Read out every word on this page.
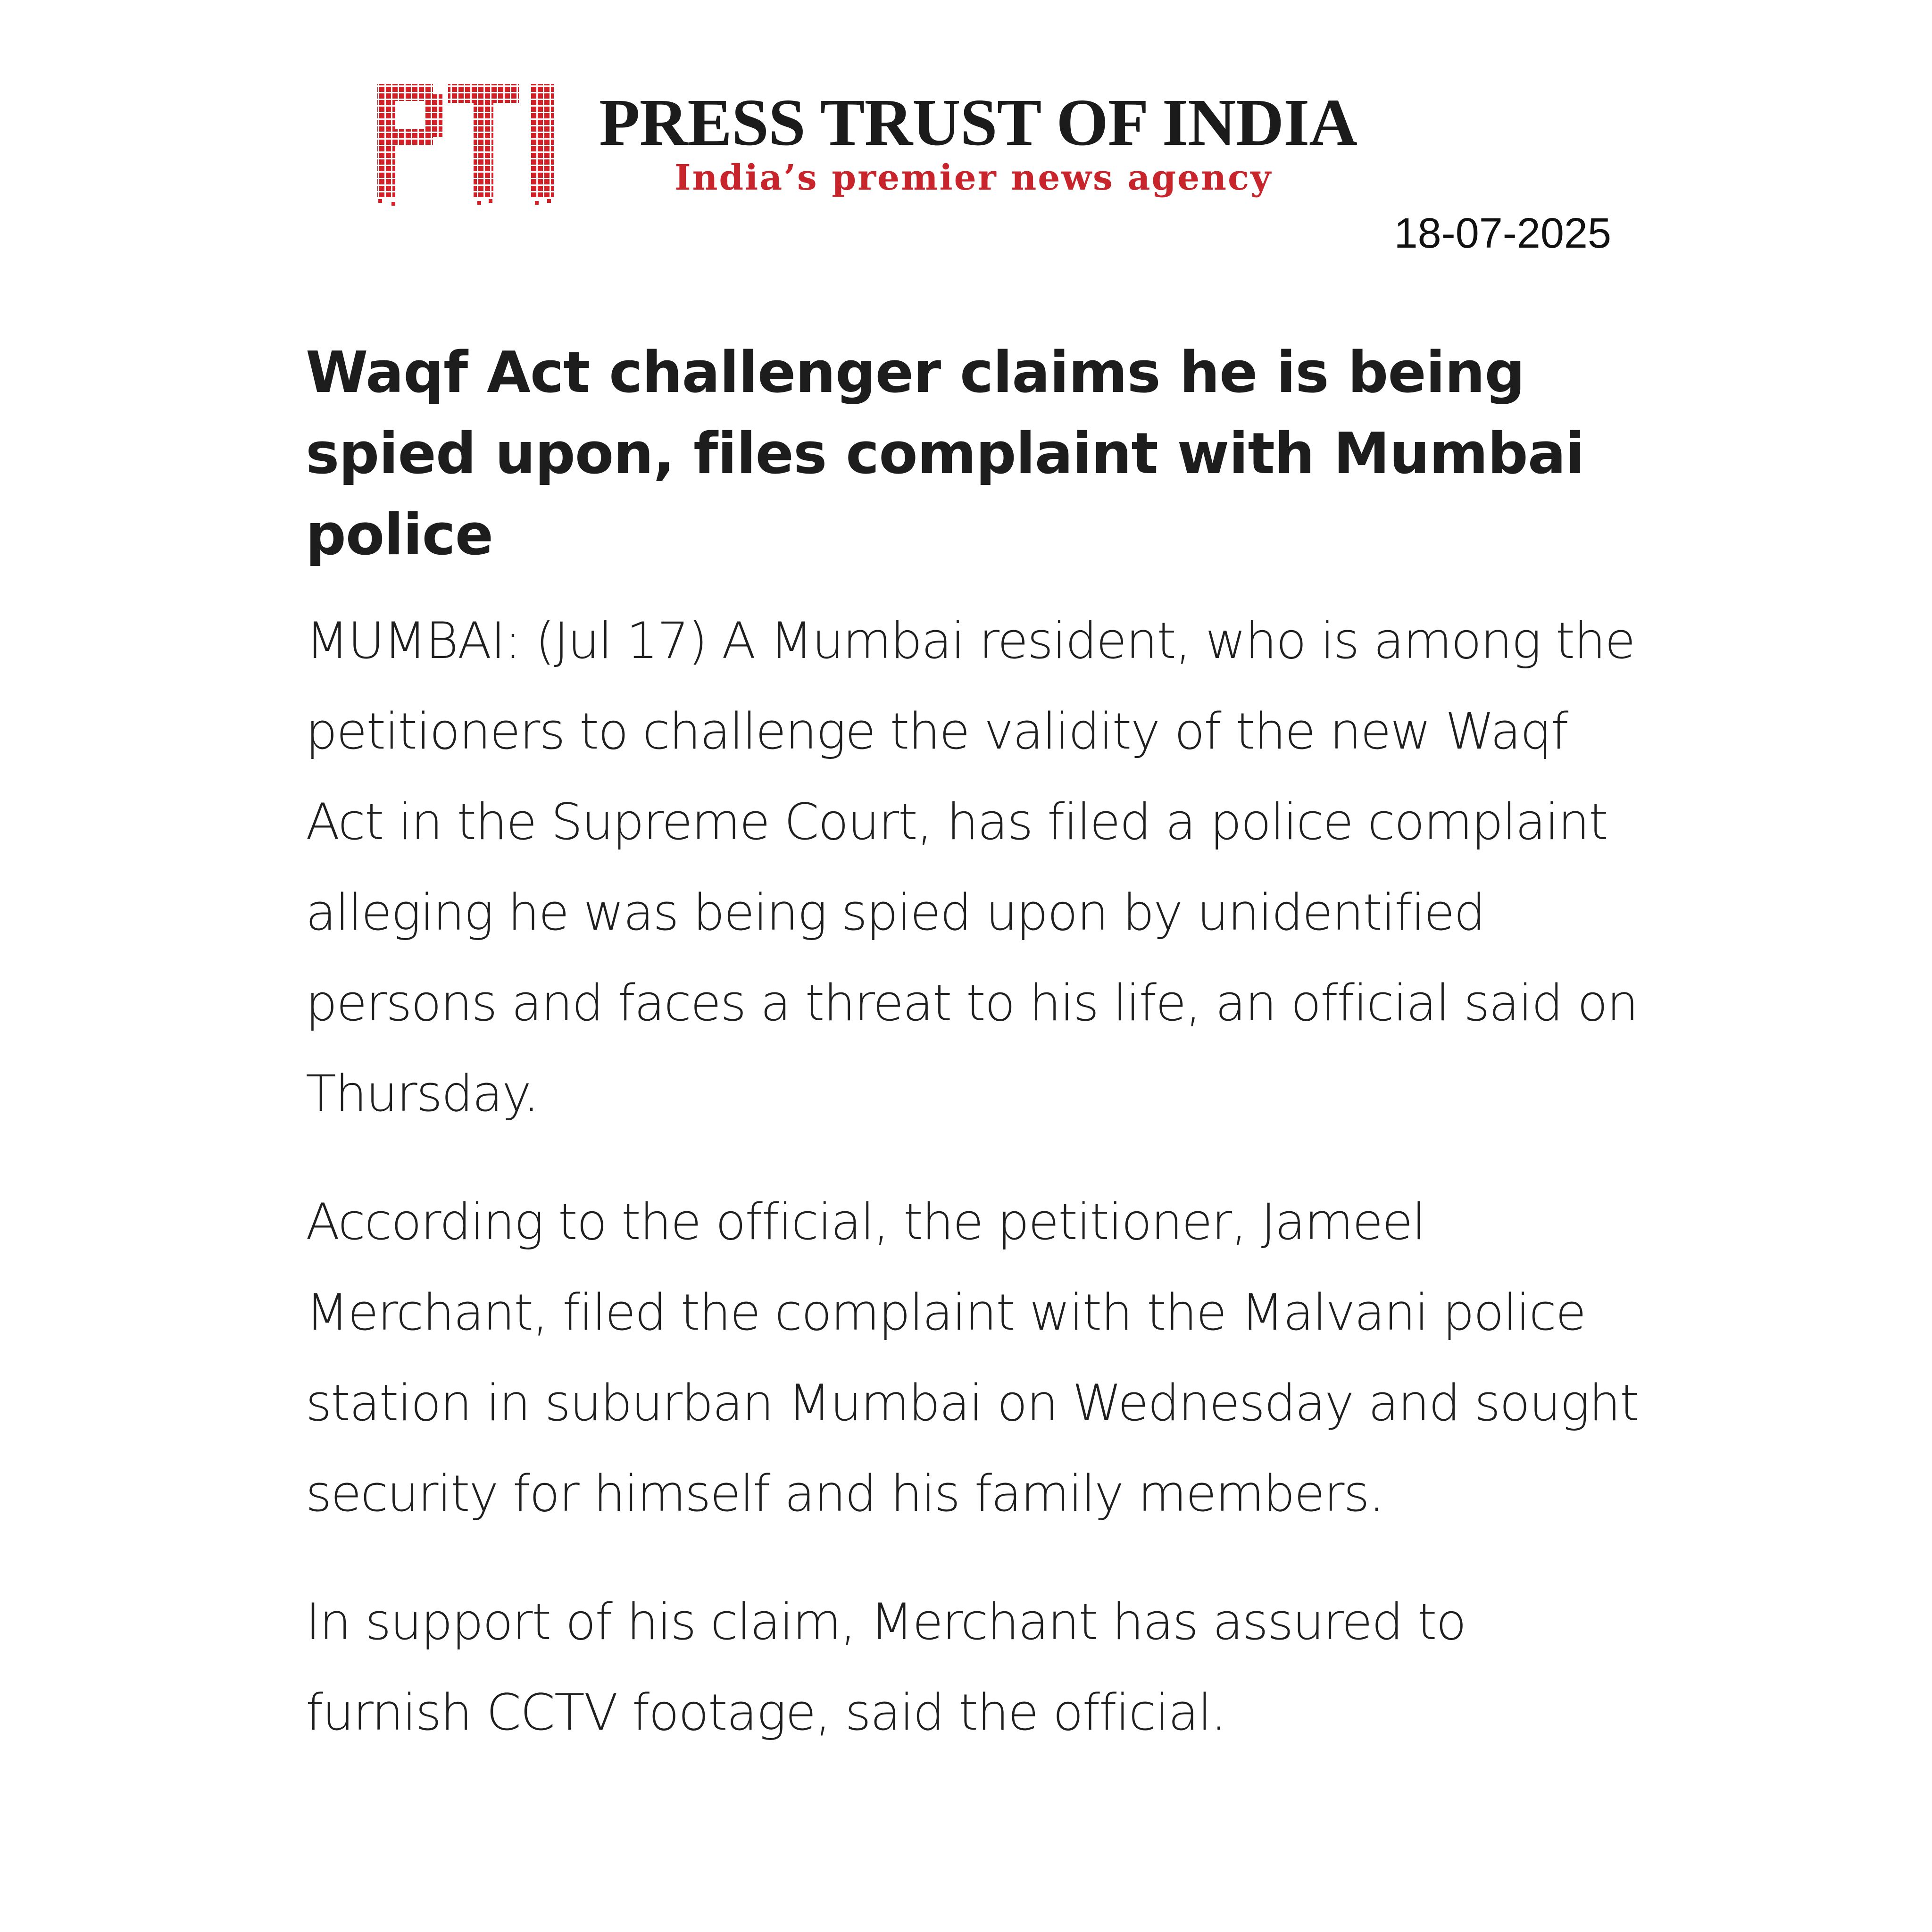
PRESS TRUST OF INDIA
India’s premier news agency
18-07-2025
Waqf Act challenger claims he is being spied upon, files complaint with Mumbai police

MUMBAI: (Jul 17) A Mumbai resident, who is among the petitioners to challenge the validity of the new Waqf Act in the Supreme Court, has filed a police complaint alleging he was being spied upon by unidentified persons and faces a threat to his life, an official said on Thursday.

According to the official, the petitioner, Jameel Merchant, filed the complaint with the Malvani police station in suburban Mumbai on Wednesday and sought security for himself and his family members.

In support of his claim, Merchant has assured to furnish CCTV footage, said the official.
